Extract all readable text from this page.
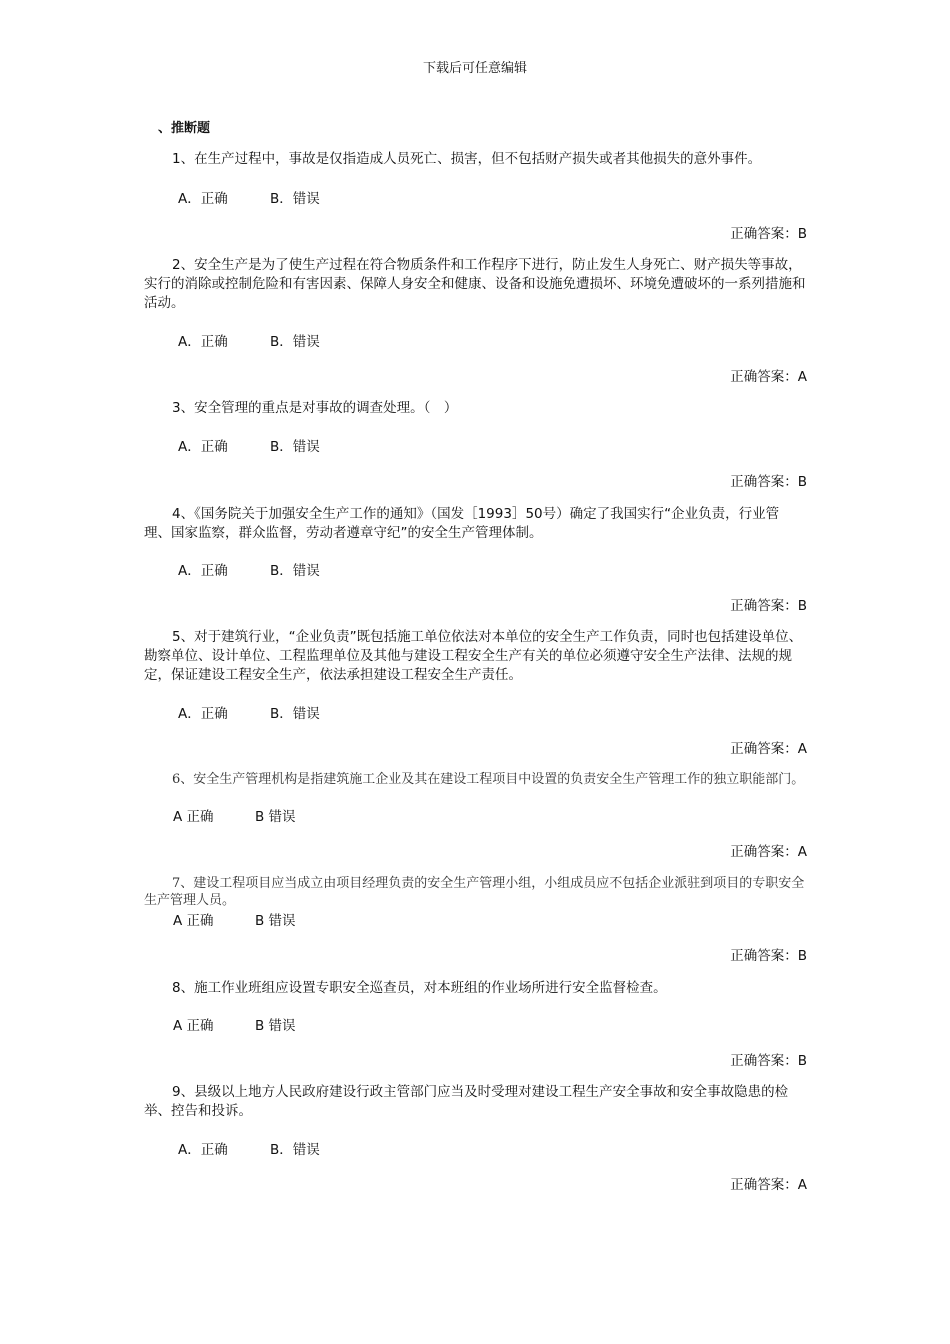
下载后可任意编辑
、推断题

1、在生产过程中，事故是仅指造成人员死亡、损害，但不包括财产损失或者其他损失的意外事件。

A．正确	B．错误
正确答案：B

2、安全生产是为了使生产过程在符合物质条件和工作程序下进行，防止发生人身死亡、财产损失等事故，实行的消除或控制危险和有害因素、保障人身安全和健康、设备和设施免遭损坏、环境免遭破坏的一系列措施和活动。

A．正确	B．错误
正确答案：A

3、安全管理的重点是对事故的调查处理。（　）

A．正确	B．错误
正确答案：B

4、《国务院关于加强安全生产工作的通知》（国发［1993］50号）确定了我国实行“企业负责，行业管理、国家监察，群众监督，劳动者遵章守纪”的安全生产管理体制。

A．正确	B．错误
正确答案：B

5、对于建筑行业，“企业负责”既包括施工单位依法对本单位的安全生产工作负责，同时也包括建设单位、勘察单位、设计单位、工程监理单位及其他与建设工程安全生产有关的单位必须遵守安全生产法律、法规的规定，保证建设工程安全生产，依法承担建设工程安全生产责任。

A．正确	B．错误
正确答案：A

6、安全生产管理机构是指建筑施工企业及其在建设工程项目中设置的负责安全生产管理工作的独立职能部门。

A 正确	B 错误
正确答案：A

7、建设工程项目应当成立由项目经理负责的安全生产管理小组，小组成员应不包括企业派驻到项目的专职安全生产管理人员。

A 正确	B 错误
正确答案：B

8、施工作业班组应设置专职安全巡查员，对本班组的作业场所进行安全监督检查。

A 正确	B 错误
正确答案：B

9、县级以上地方人民政府建设行政主管部门应当及时受理对建设工程生产安全事故和安全事故隐患的检举、控告和投诉。

A．正确	B．错误
正确答案：A
